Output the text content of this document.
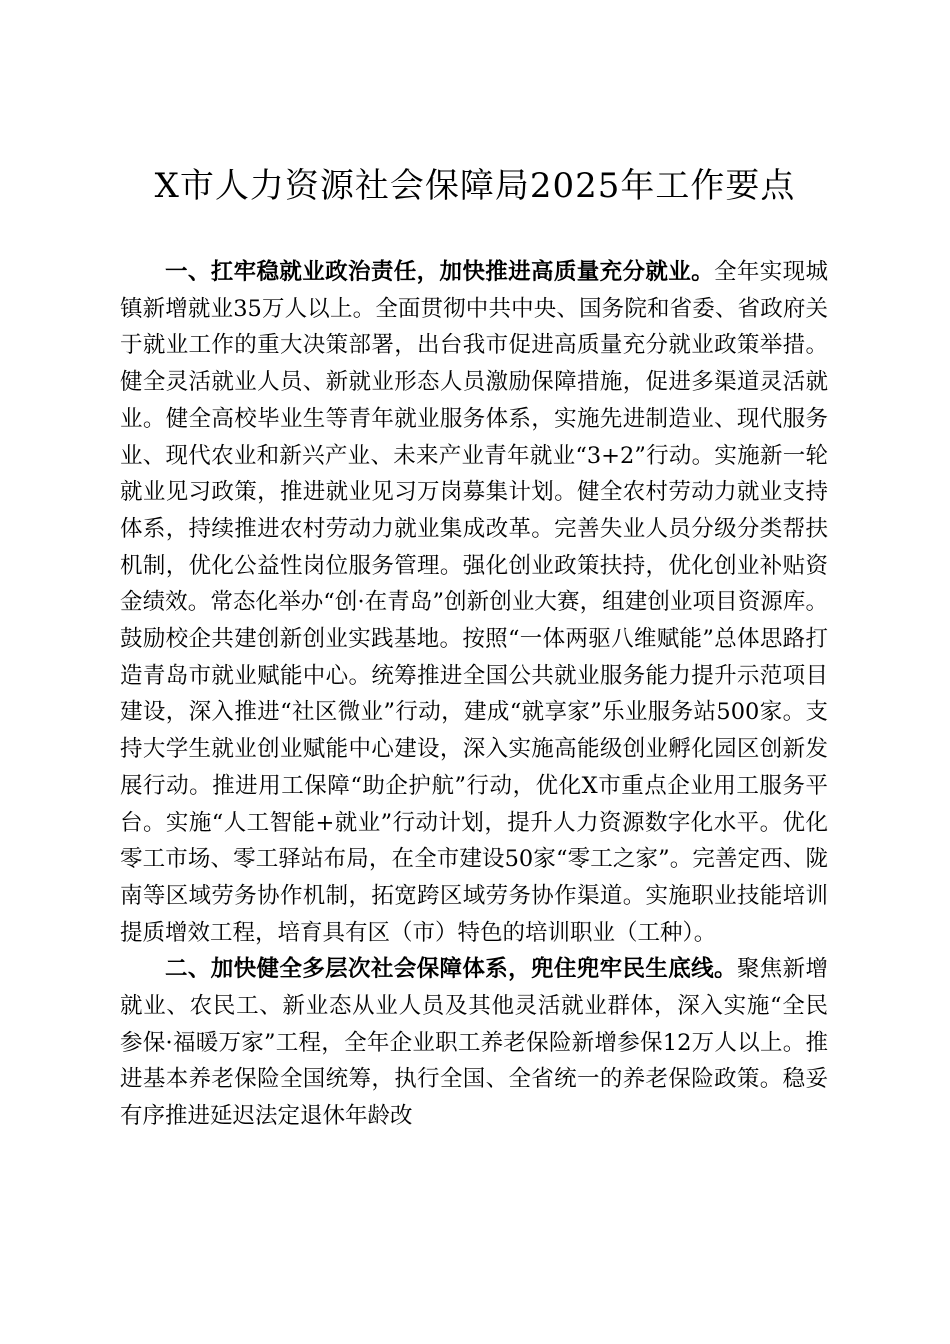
X市人力资源社会保障局2025年工作要点

一、扛牢稳就业政治责任，加快推进高质量充分就业。全年实现城镇新增就业35万人以上。全面贯彻中共中央、国务院和省委、省政府关于就业工作的重大决策部署，出台我市促进高质量充分就业政策举措。健全灵活就业人员、新就业形态人员激励保障措施，促进多渠道灵活就业。健全高校毕业生等青年就业服务体系，实施先进制造业、现代服务业、现代农业和新兴产业、未来产业青年就业“3+2”行动。实施新一轮就业见习政策，推进就业见习万岗募集计划。健全农村劳动力就业支持体系，持续推进农村劳动力就业集成改革。完善失业人员分级分类帮扶机制，优化公益性岗位服务管理。强化创业政策扶持，优化创业补贴资金绩效。常态化举办“创·在青岛”创新创业大赛，组建创业项目资源库。鼓励校企共建创新创业实践基地。按照“一体两驱八维赋能”总体思路打造青岛市就业赋能中心。统筹推进全国公共就业服务能力提升示范项目建设，深入推进“社区微业”行动，建成“就享家”乐业服务站500家。支持大学生就业创业赋能中心建设，深入实施高能级创业孵化园区创新发展行动。推进用工保障“助企护航”行动，优化X市重点企业用工服务平台。实施“人工智能+就业”行动计划，提升人力资源数字化水平。优化零工市场、零工驿站布局，在全市建设50家“零工之家”。完善定西、陇南等区域劳务协作机制，拓宽跨区域劳务协作渠道。实施职业技能培训提质增效工程，培育具有区（市）特色的培训职业（工种）。

二、加快健全多层次社会保障体系，兜住兜牢民生底线。聚焦新增就业、农民工、新业态从业人员及其他灵活就业群体，深入实施“全民参保·福暖万家”工程，全年企业职工养老保险新增参保12万人以上。推进基本养老保险全国统筹，执行全国、全省统一的养老保险政策。稳妥有序推进延迟法定退休年龄改
